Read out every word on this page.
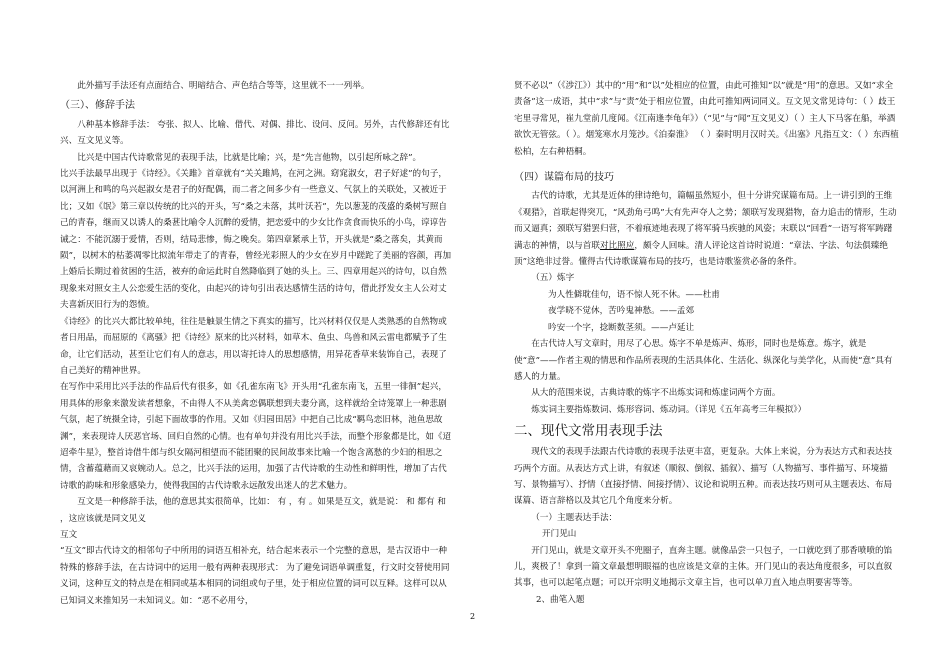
此外描写手法还有点面结合、明暗结合、声色结合等等，这里就不一一列举。

（三）、修辞手法

八种基本修辞手法： 夸张、拟人、比喻、借代、对偶、排比、设问、反问。另外，古代修辞还有比兴、互文见义等。

比兴是中国古代诗歌常见的表现手法，比就是比喻；兴，是“先言他物，以引起所咏之辞”。

比兴手法最早出现于《诗经》。《关雎》首章就有“关关雎鸠，在河之洲。窈窕淑女，君子好逑”的句子，以河洲上和鸣的鸟兴起淑女是君子的好配偶，而二者之间多少有一些意义、气氛上的关联处，又被近于比；又如《氓》第三章以传统的比兴的开头，写“桑之未落，其叶沃若”，先以葱茏的茂盛的桑树写照自己的青春，继而又以诱人的桑葚比喻令人沉醉的爱情，把恋爱中的少女比作贪食而快乐的小鸟，谆谆告诫之：不能沉溺于爱情，否则，结局悲惨，悔之晚矣。第四章紧承上节，开头就是“桑之落矣，其黄而陨”，以树木的枯萎凋零比拟流年带走了的青春，曾经光彩照人的少女在岁月中蹉跎了美丽的容颜，再加上婚后长期过着贫困的生活，被弃的命运此时自然降临到了她的头上。三、四章用起兴的诗句，以自然现象来对照女主人公恋爱生活的变化，由起兴的诗句引出表达感情生活的诗句，借此抒发女主人公对丈夫喜新厌旧行为的怨愤。

《诗经》的比兴大都比较单纯，往往是触景生情之下真实的描写，比兴材料仅仅是人类熟悉的自然物或者日用品，而屈原的《离骚》把《诗经》原来的比兴材料，如草木、鱼虫、鸟兽和风云雷电都赋予了生命，让它们活动，甚至让它们有人的意志，用以寄托诗人的思想感情，用异花香草来装饰自己，表现了自己美好的精神世界。

在写作中采用比兴手法的作品后代有很多，如《孔雀东南飞》开头用“孔雀东南飞，五里一徘徊”起兴，用具体的形象来激发读者想象，不由得人不从美禽恋偶联想到夫妻分离，这样就给全诗笼罩上一种悲剧气氛，起了统摄全诗，引起下面故事的作用。又如《归园田居》中把自己比成“羁鸟恋旧林，池鱼思故渊”，来表现诗人厌恶官场、回归自然的心情。也有单句并没有用比兴手法，而整个形象都是比，如《迢迢牵牛星》，整首诗借牛郎与织女隔河相望而不能团聚的民间故事来比喻一个饱含离愁的少妇的相思之情，含蓄蕴藉而又哀婉动人。总之，比兴手法的运用，加强了古代诗歌的生动性和鲜明性，增加了古代诗歌的韵味和形象感染力，使得我国的古代诗歌永远散发出迷人的艺术魅力。

互文是一种修辞手法，他的意思其实很简单，比如： 有 ，有 。如果是互文，就是说： 和 都有 和 ，这应该就是同文见义

互文

“互文”即古代诗文的相邻句子中所用的词语互相补充，结合起来表示一个完整的意思，是古汉语中一种特殊的修辞手法，在古诗词中的运用一般有两种表现形式： 为了避免词语单调重复，行文时交替使用同义词，这种互文的特点是在相同或基本相同的词组或句子里，处于相应位置的词可以互释。这样可以从已知词义来推知另一未知词义。如：“恶不必用兮，

贤不必以”（《涉江》）其中的“用”和“以”处相应的位置，由此可推知“以”就是“用”的意思。又如“求全责备”这一成语，其中“求”与“责”处于相应位置，由此可推知两词同义。互文见文常见诗句：（ ）歧王宅里寻常见，崔九堂前几度闻。《江南逢李龟年》）（“见”与“闻”互文见义）（ ）主人下马客在船，举酒欲饮无管弦。（ ）。烟笼寒水月笼沙。《泊秦淮》 （ ）秦时明月汉时关。《出塞》凡指互文：（ ）东西植松柏，左右种梧桐。

（四）谋篇布局的技巧

古代的诗歌，尤其是近体的律诗绝句，篇幅虽然短小，但十分讲究谋篇布局。上一讲引到的王维《观猎》，首联起得突兀，“风劲角弓鸣”大有先声夺人之势；颔联写发现猎物，奋力追击的情形，生动而又逼真；颈联写猎罢归营，不着痕迹地表现了将军骑马疾驰的风姿；末联以“回看”一语写将军踌躇满志的神情，以与首联对比照应，颇令人回味。清人评论这首诗时说道：“章法、字法、句法俱臻绝顶”这绝非过誉。懂得古代诗歌谋篇布局的技巧，也是诗歌鉴赏必备的条件。

（五）炼字

为人性僻耽佳句，语不惊人死不休。——杜甫

夜学晓不觉休，苦吟鬼神愁。——孟郊

吟安一个字，捻断数茎须。——卢延让

在古代诗人写文章时，用尽了心思。炼字不单是炼声、炼形，同时也是炼意。炼字，就是使“意”——作者主观的情思和作品所表现的生活具体化、生活化、纵深化与美学化，从而使“意”具有感人的力量。

从大的范围来说，古典诗歌的炼字不出炼实词和炼虚词两个方面。

炼实词主要指炼数词、炼形容词、炼动词。（详见《五年高考三年模拟》）

二、现代文常用表现手法

现代文的表现手法跟古代诗歌的表现手法更丰富，更复杂。大体上来说，分为表达方式和表达技巧两个方面。从表达方式上讲，有叙述（顺叙、倒叙、插叙）、描写（人物描写、事件描写、环境描写、景物描写）、抒情（直接抒情、间接抒情）、议论和说明五种。而表达技巧则可从主题表达、布局谋篇、语言辞格以及其它几个角度来分析。

（一）主题表达手法：

开门见山

开门见山，就是文章开头不兜圈子，直奔主题。就像品尝一只包子，一口就吃到了那香喷喷的馅儿，爽极了！拿到一篇文章最想明眼福的也应该是文章的主体。开门见山的表达角度很多，可以直叙其事，也可以起笔点题；可以开宗明义地揭示文章主旨，也可以单刀直入地点明要害等等。

2、曲笔入题

2
